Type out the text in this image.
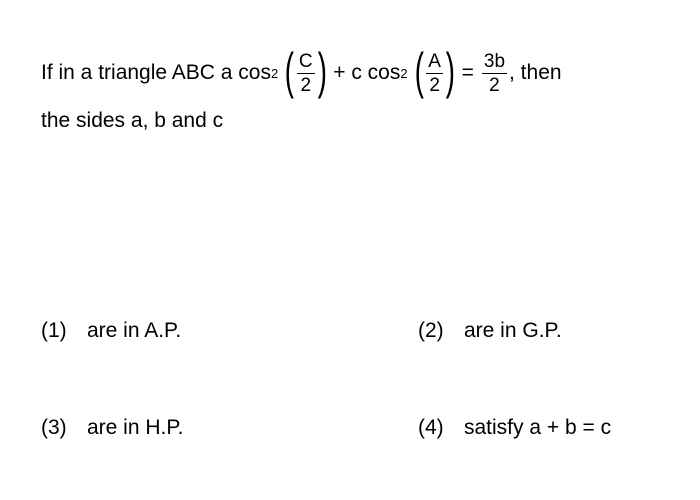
If in a triangle ABC a cos 2 ( $\frac{C}{2}$ ) + c cos 2 ( $\frac{A}{2}$ ) = $\frac{3b}{2}$ , then
the sides a, b and c
(1) are in A.P.	(2) are in G.P.
(3) are in H.P.	(4) satisfy a + b = c
